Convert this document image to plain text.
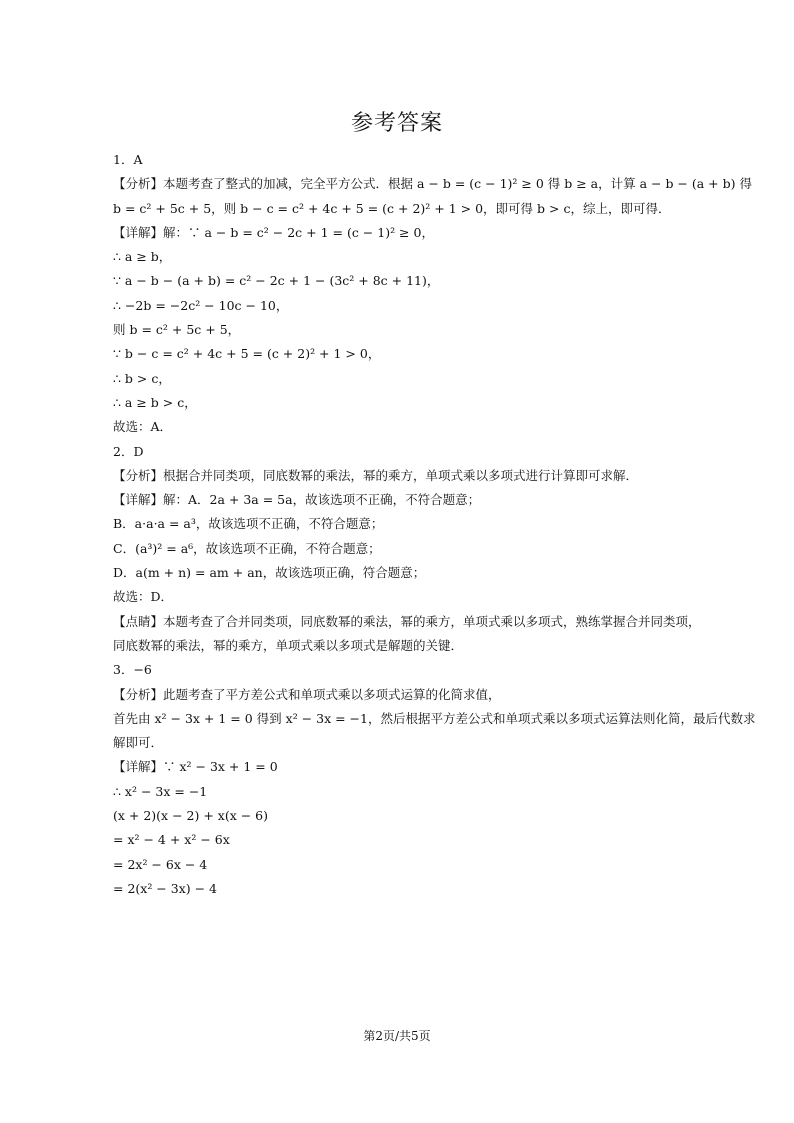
参考答案
1．A
【分析】本题考查了整式的加减，完全平方公式．根据 a − b = (c − 1)² ≥ 0 得 b ≥ a，计算 a − b − (a + b) 得
b = c² + 5c + 5，则 b − c = c² + 4c + 5 = (c + 2)² + 1 > 0，即可得 b > c，综上，即可得．
【详解】解：∵ a − b = c² − 2c + 1 = (c − 1)² ≥ 0，
∴ a ≥ b，
∵ a − b − (a + b) = c² − 2c + 1 − (3c² + 8c + 11)，
∴ −2b = −2c² − 10c − 10，
则 b = c² + 5c + 5，
∵ b − c = c² + 4c + 5 = (c + 2)² + 1 > 0，
∴ b > c，
∴ a ≥ b > c，
故选：A．
2．D
【分析】根据合并同类项，同底数幂的乘法，幂的乘方，单项式乘以多项式进行计算即可求解．
【详解】解：A．2a + 3a = 5a，故该选项不正确，不符合题意；
B．a·a·a = a³，故该选项不正确，不符合题意；
C．(a³)² = a⁶，故该选项不正确，不符合题意；
D．a(m + n) = am + an，故该选项正确，符合题意；
故选：D．
【点睛】本题考查了合并同类项，同底数幂的乘法，幂的乘方，单项式乘以多项式，熟练掌握合并同类项，
同底数幂的乘法，幂的乘方，单项式乘以多项式是解题的关键．
3．−6
【分析】此题考查了平方差公式和单项式乘以多项式运算的化简求值，
首先由 x² − 3x + 1 = 0 得到 x² − 3x = −1，然后根据平方差公式和单项式乘以多项式运算法则化简，最后代数求
解即可．
【详解】∵ x² − 3x + 1 = 0
∴ x² − 3x = −1
(x + 2)(x − 2) + x(x − 6)
= x² − 4 + x² − 6x
= 2x² − 6x − 4
= 2(x² − 3x) − 4
第2页/共5页
